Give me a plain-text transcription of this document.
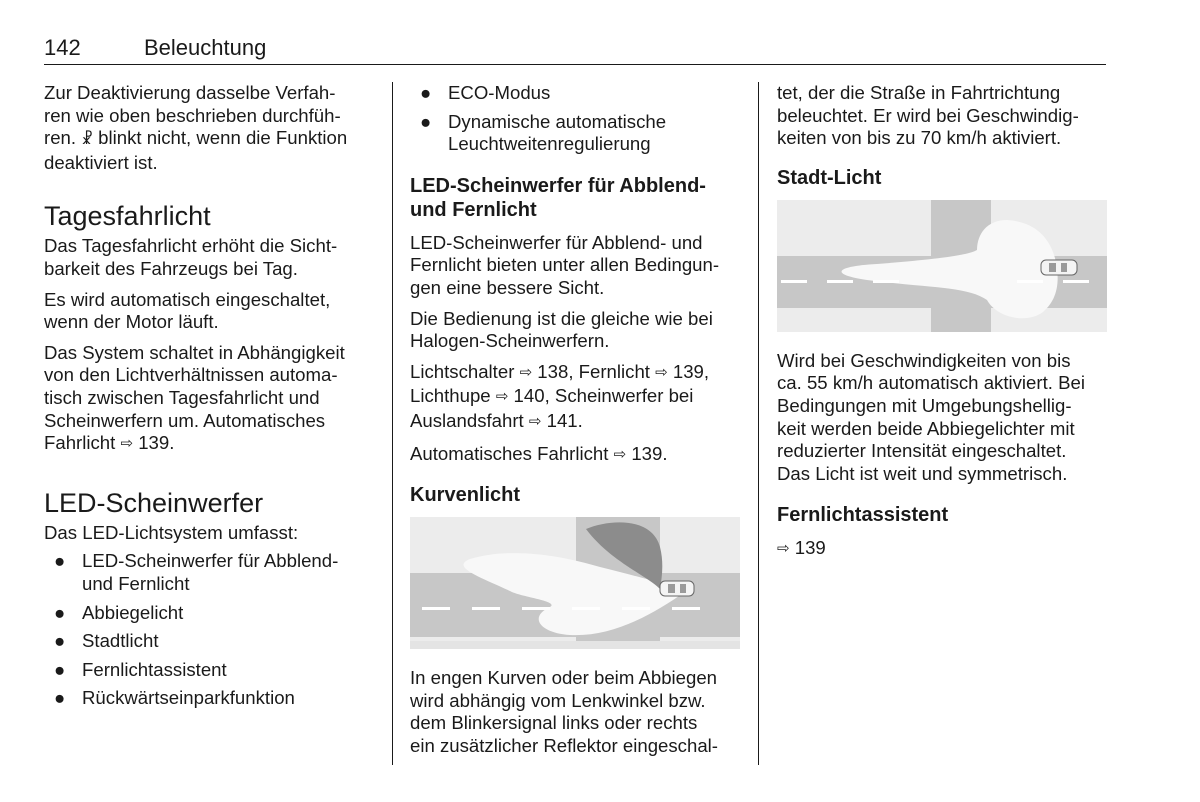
142	Beleuchtung

Zur Deaktivierung dasselbe Verfah-
ren wie oben beschrieben durchfüh-
ren. ☧ blinkt nicht, wenn die Funktion
deaktiviert ist.

Tagesfahrlicht

Das Tagesfahrlicht erhöht die Sicht-
barkeit des Fahrzeugs bei Tag.

Es wird automatisch eingeschaltet,
wenn der Motor läuft.

Das System schaltet in Abhängigkeit
von den Lichtverhältnissen automa-
tisch zwischen Tagesfahrlicht und
Scheinwerfern um. Automatisches
Fahrlicht ⇨ 139.

LED-Scheinwerfer

Das LED-Lichtsystem umfasst:

● LED-Scheinwerfer für Abblend-
und Fernlicht
● Abbiegelicht
● Stadtlicht
● Fernlichtassistent
● Rückwärtseinparkfunktion
● ECO-Modus
● Dynamische automatische
Leuchtweitenregulierung
LED-Scheinwerfer für Abblend-
und Fernlicht

LED-Scheinwerfer für Abblend- und
Fernlicht bieten unter allen Bedingun-
gen eine bessere Sicht.

Die Bedienung ist die gleiche wie bei
Halogen-Scheinwerfern.

Lichtschalter ⇨ 138, Fernlicht ⇨ 139,
Lichthupe ⇨ 140, Scheinwerfer bei
Auslandsfahrt ⇨ 141.

Automatisches Fahrlicht ⇨ 139.

Kurvenlicht

In engen Kurven oder beim Abbiegen
wird abhängig vom Lenkwinkel bzw.
dem Blinkersignal links oder rechts
ein zusätzlicher Reflektor eingeschal-

tet, der die Straße in Fahrtrichtung
beleuchtet. Er wird bei Geschwindig-
keiten von bis zu 70 km/h aktiviert.

Stadt-Licht

Wird bei Geschwindigkeiten von bis
ca. 55 km/h automatisch aktiviert. Bei
Bedingungen mit Umgebungshellig-
keit werden beide Abbiegelichter mit
reduzierter Intensität eingeschaltet.
Das Licht ist weit und symmetrisch.

Fernlichtassistent

⇨ 139
